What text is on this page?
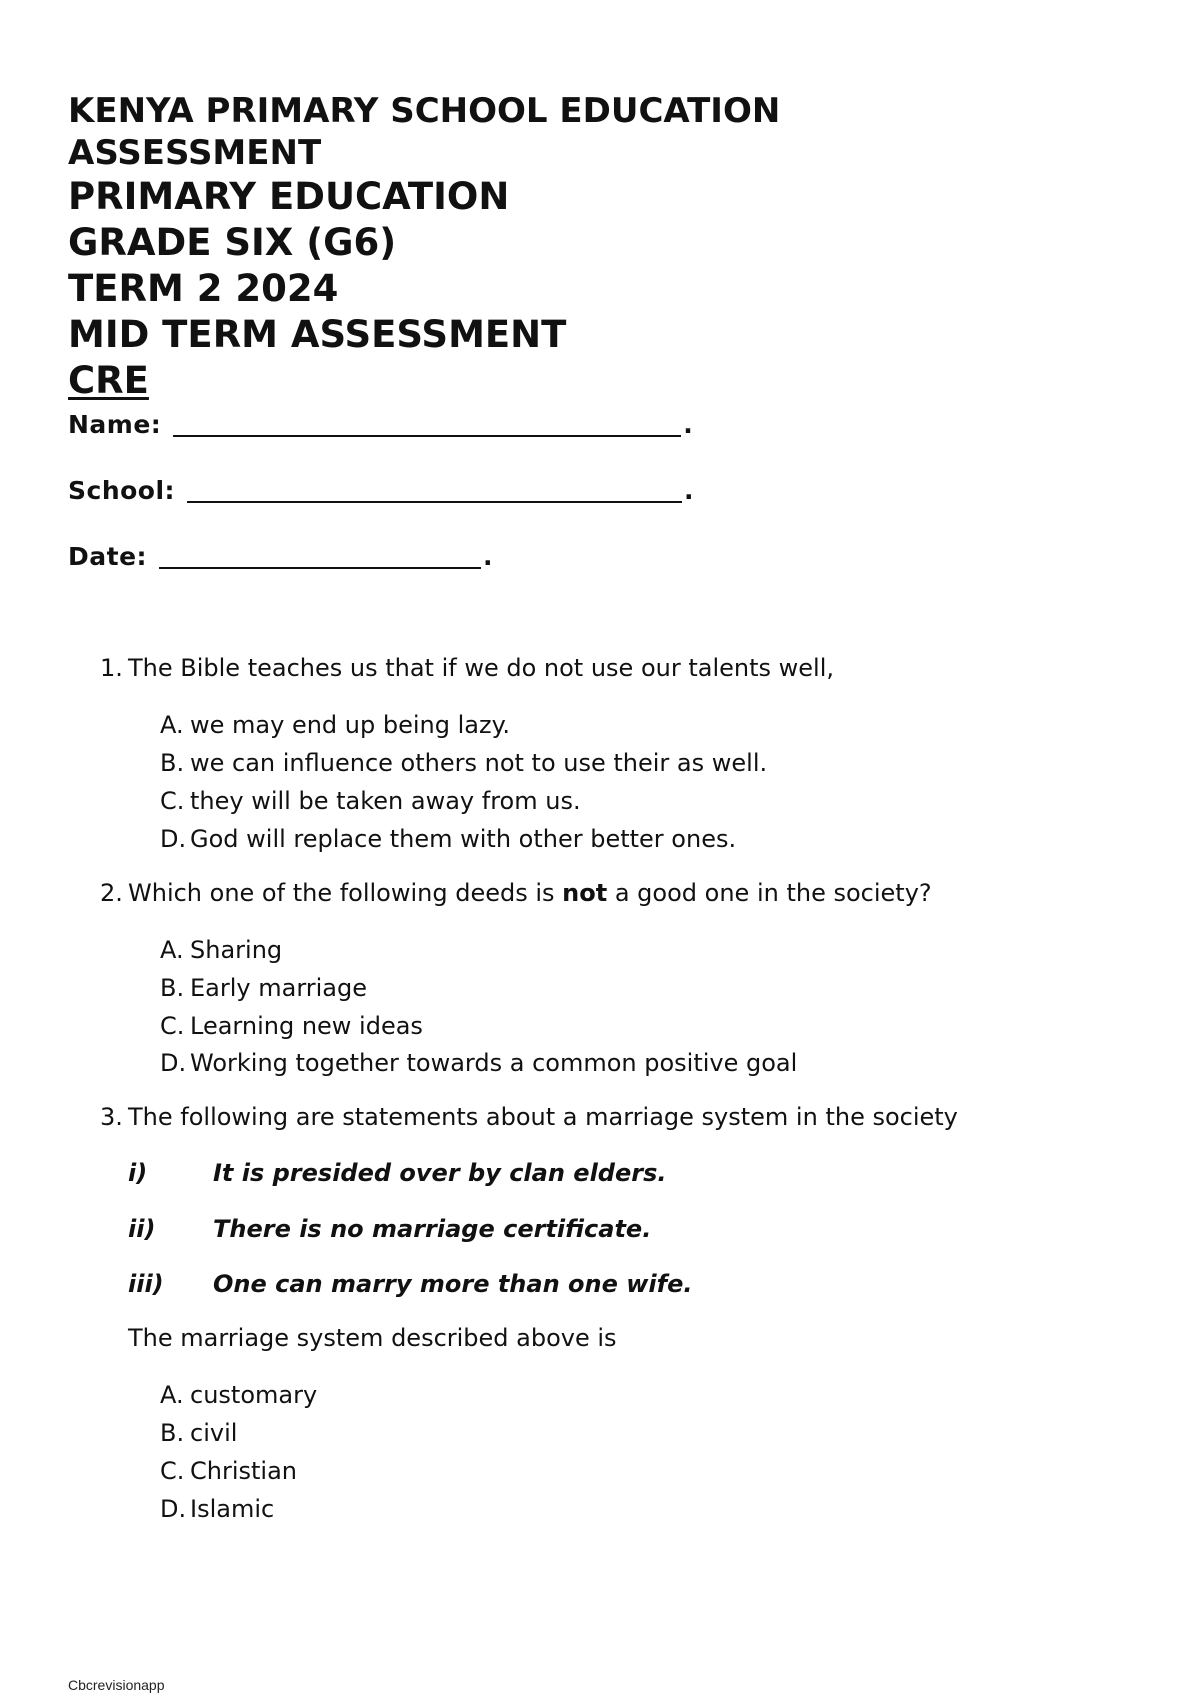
KENYA PRIMARY SCHOOL EDUCATION
ASSESSMENT
PRIMARY EDUCATION
GRADE SIX (G6)
TERM 2 2024
MID TERM ASSESSMENT
CRE
Name:	.
School:	.
Date:	.
1. The Bible teaches us that if we do not use our talents well,
A. we may end up being lazy.
B. we can influence others not to use their as well.
C. they will be taken away from us.
D. God will replace them with other better ones.
2. Which one of the following deeds is not a good one in the society?
A. Sharing
B. Early marriage
C. Learning new ideas
D. Working together towards a common positive goal
3. The following are statements about a marriage system in the society
i)	It is presided over by clan elders.
ii) There is no marriage certificate.
iii) One can marry more than one wife.
The marriage system described above is
A. customary
B. civil
C. Christian
D. Islamic
Cbcrevisionapp
